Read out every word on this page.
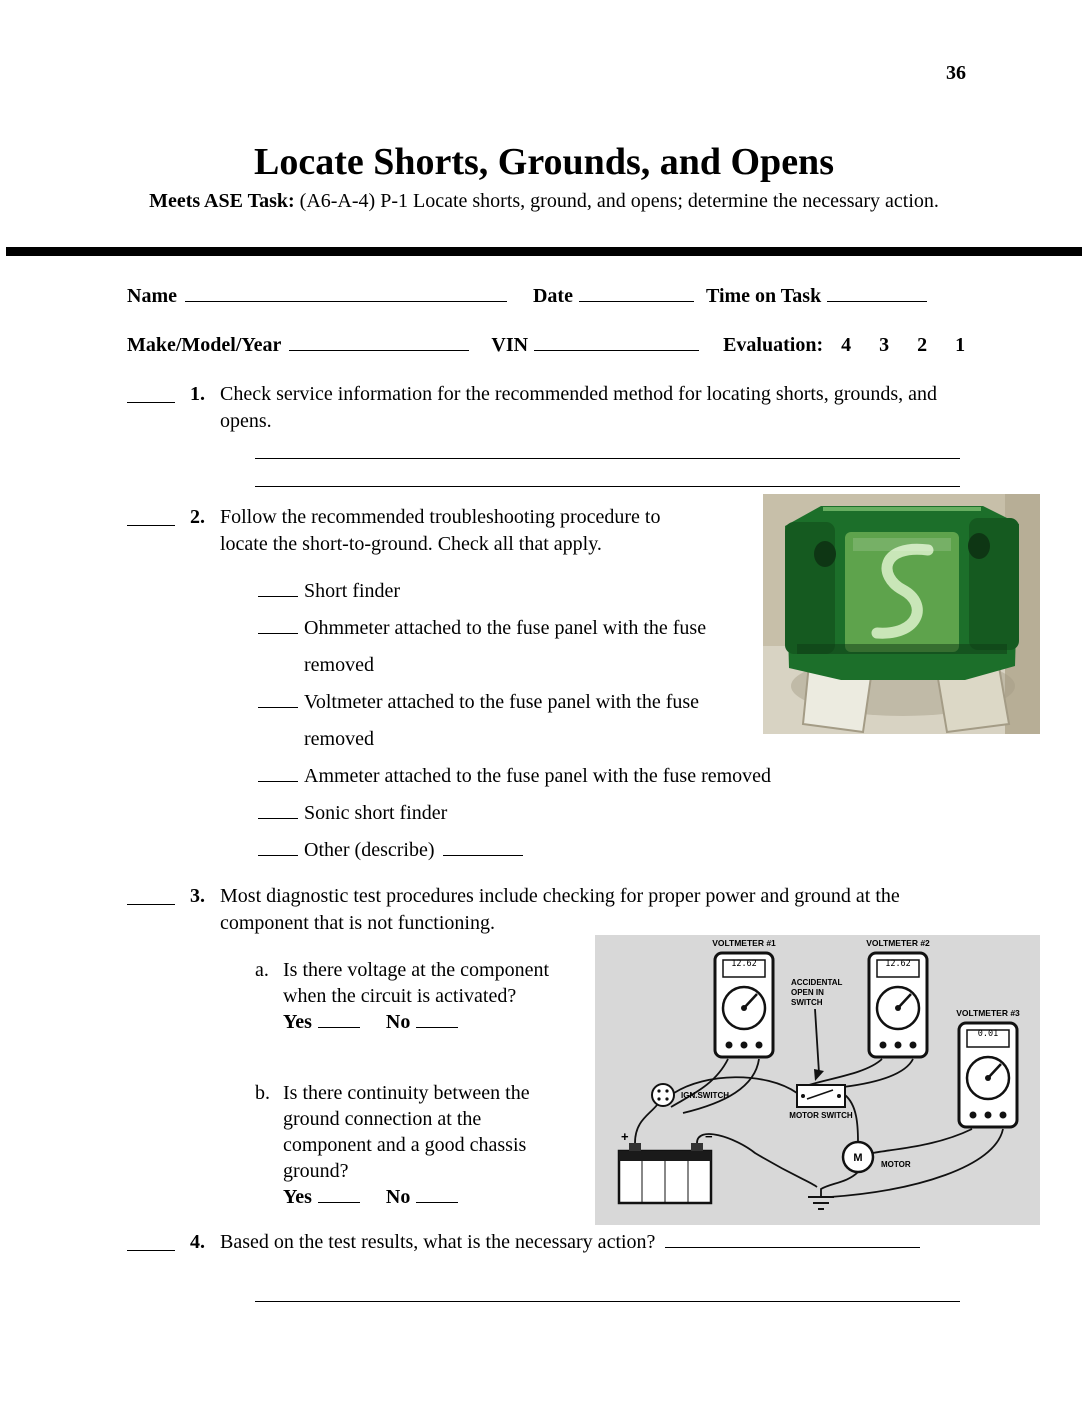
36
Locate Shorts, Grounds, and Opens
Meets ASE Task: (A6-A-4) P-1 Locate shorts, ground, and opens; determine the necessary action.
Name	Date	Time on Task
Make/Model/Year	VIN	Evaluation: 4 3 2 1
1. Check service information for the recommended method for locating shorts, grounds, and opens.
2. Follow the recommended troubleshooting procedure to locate the short-to-ground. Check all that apply.
Short finder
Ohmmeter attached to the fuse panel with the fuse removed
Voltmeter attached to the fuse panel with the fuse removed
Ammeter attached to the fuse panel with the fuse removed
Sonic short finder
Other (describe)
3. Most diagnostic test procedures include checking for proper power and ground at the component that is not functioning.
a. Is there voltage at the component when the circuit is activated?
Yes	No
b. Is there continuity between the ground connection at the component and a good chassis ground?
Yes	No
VOLTMETER #1
12.62
VOLTMETER #2
12.62
VOLTMETER #3
0.01
ACCIDENTAL
OPEN IN
SWITCH
IGN.SWITCH
MOTOR SWITCH
M
MOTOR
+	−
4. Based on the test results, what is the necessary action?
